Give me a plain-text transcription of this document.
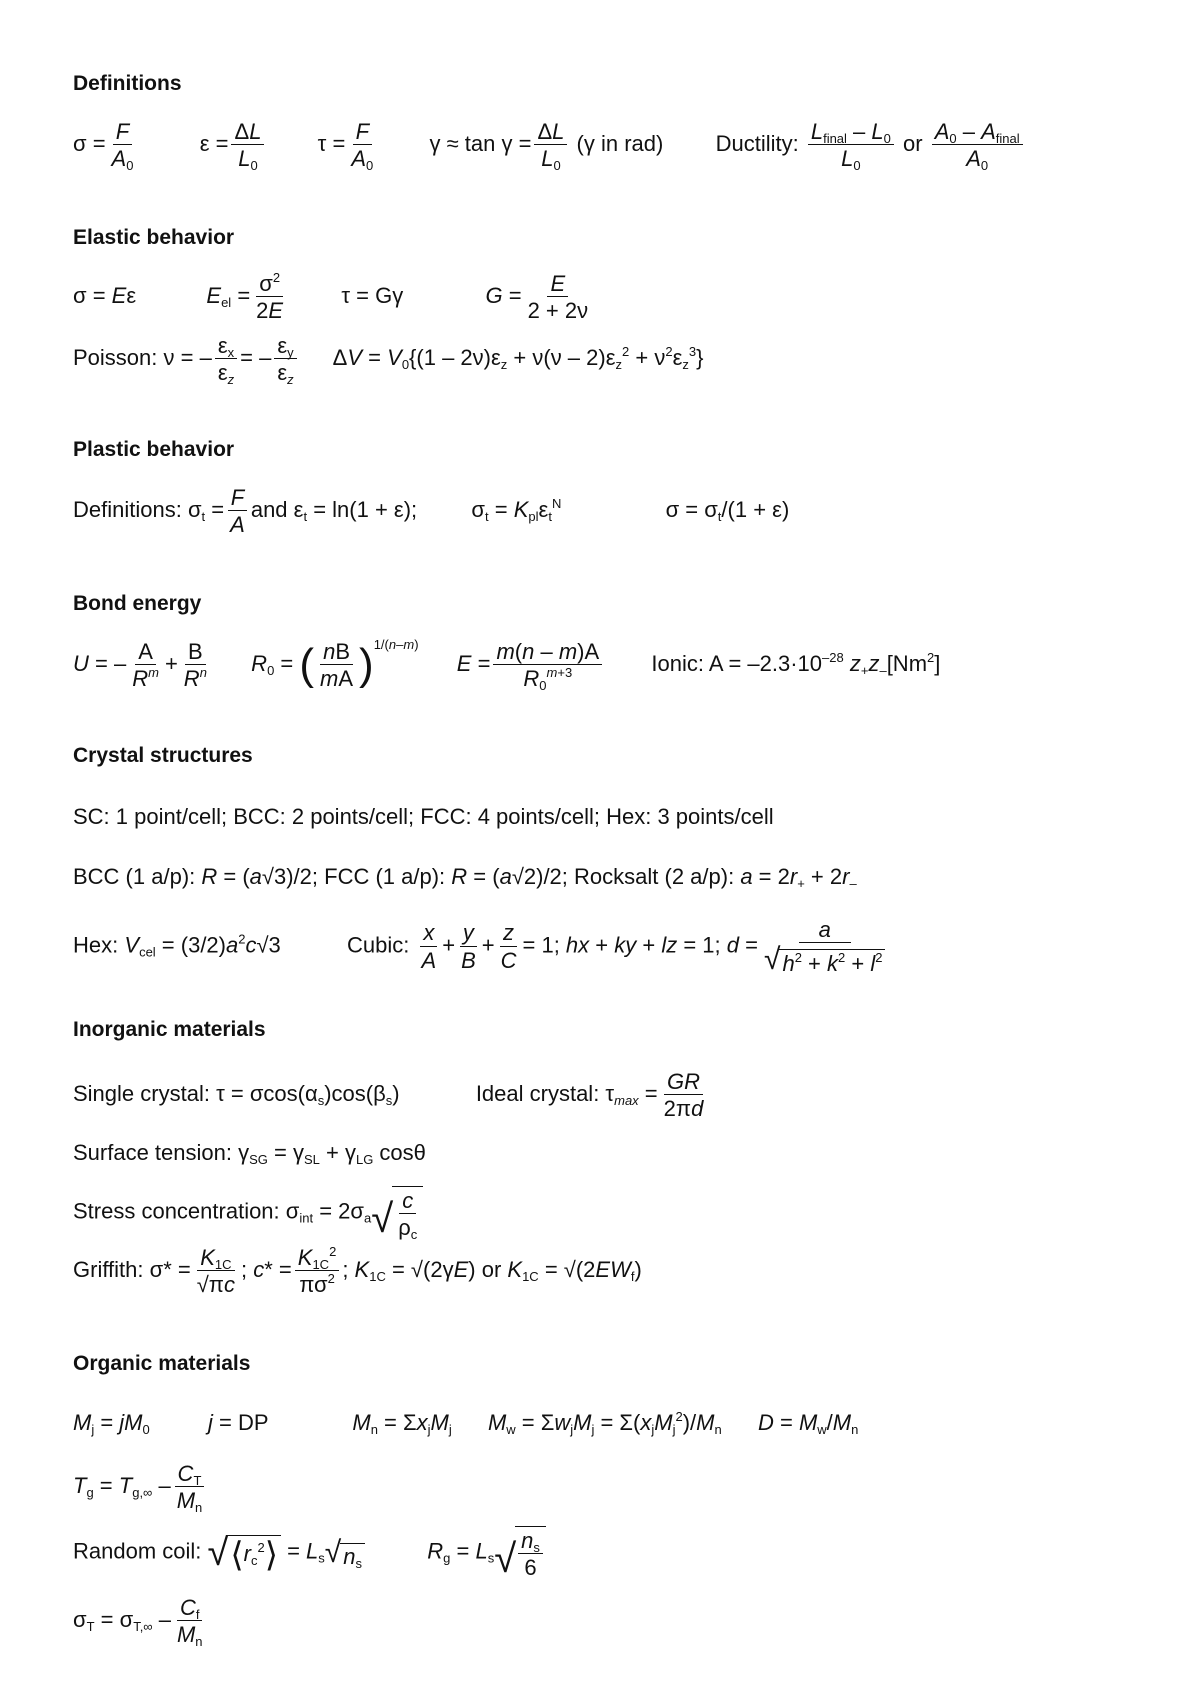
Definitions
$\sigma = \frac{F}{A_0}$	$\varepsilon = \frac{\Delta L}{L_0}$ $\tau = \frac{F}{A_0}$ $\gamma \approx \tan \gamma = \frac{\Delta L}{L_0} (\gamma$ in rad) Ductility: $L_{final} - L_0$
$L_0$
or $A_0 - A_{final}$
$A_0$
Elastic behavior
σ = Eε	$E_{el} = \frac{\sigma^2}{2E}$ τ = Gγ	$G = \frac{E}{2 + 2\nu}$
Poisson: ν = – $\frac{\varepsilon_x}{\varepsilon_z}$ = – $\frac{\varepsilon_y}{\varepsilon_z}$ $\Delta V = V_0\{(1 - 2\nu)\varepsilon_z + \nu(\nu - 2)\varepsilon_z^2 + \nu^2\varepsilon_z^3\}$
Plastic behavior
Definitions: $\sigma_t = \frac{F}{A}$ and $\varepsilon_t = \ln(1 + \varepsilon)$;  $\sigma_t = K_{pl}\varepsilon_t^N$	$\sigma = \sigma_t/(1 + \varepsilon)$
Bond energy
U = – $\frac{A}{R^m} + \frac{B}{R^n} R_0$ = ( $\frac{nB}{mA} )^{1/(n-m)}$  $E = \frac{m(n - m)A}{R_0^{m+3}}$ Ionic: $A = -2.3\cdot 10^{-28}$ $z_+z_-[Nm^2]$
Crystal structures
SC: 1 point/cell; BCC: 2 points/cell; FCC: 4 points/cell; Hex: 3 points/cell
BCC (1 a/p): R = (a√3)/2; FCC (1 a/p): R = (a√2)/2; Rocksalt (2 a/p): $a = 2r_+ + 2r_-$
Hex: $V_{cel} = (3/2)a^2c√3$	Cubic: $\frac{x}{A} + \frac{y}{B} + \frac{z}{C} = 1$; hx + ky + lz = 1; $d = \frac{a}{√ h^2 + k^2 + l^2}$
Inorganic materials
Single crystal: $\tau = \sigma\cos(\alpha_s)\cos(\beta_s)$	Ideal crystal: $\tau_{max} = \frac{GR}{2\pi d}$
Surface tension: $\gamma_{SG} = \gamma_{SL} + \gamma_{LG}$ cosθ
Stress concentration: $\sigma_{int} = 2\sigma_a$ √ $\frac{c}{\rho_c}$
Griffith: $\sigma* = \frac{K_{1C}}{√\pi c}$ ; $c* = \frac{K_{1C}^2}{\pi\sigma^2}$ ; $K_{1C} = √(2\gamma E)$ or $K_{1C} = √(2EW_f)$
Organic materials
$M_j = jM_0$	j = DP	$M_n = \Sigma x_jM_j$ $M_w = \Sigma w_jM_j = \Sigma(x_jM_j^2)/M_n$ $D = M_w/M_n$
$T_g = T_{g,\infty} - \frac{C_T}{M_n}$
Random coil: √ $⟨r_c^2⟩ = L_s$ √ $n_s$	$R_g = L_s$ √ $\frac{n_s}{6}$
$\sigma_T = \sigma_{T,\infty} - \frac{C_f}{M_n}$
